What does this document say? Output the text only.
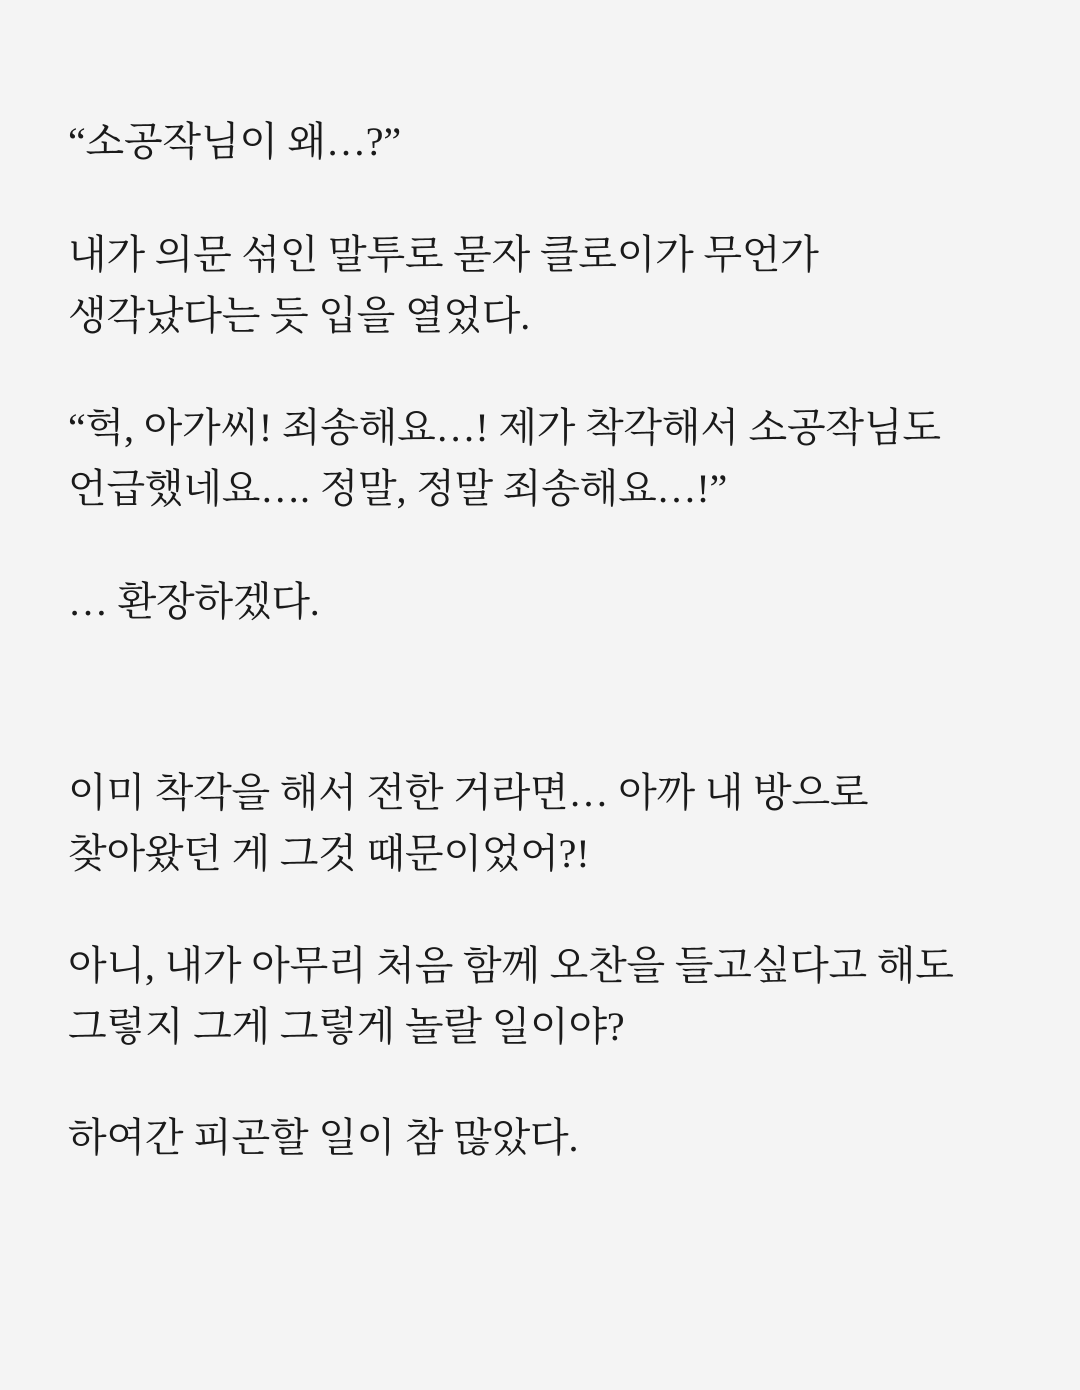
“소공작님이 왜…?”

내가 의문 섞인 말투로 묻자 클로이가 무언가 생각났다는 듯 입을 열었다.

“헉, 아가씨! 죄송해요…! 제가 착각해서 소공작님도 언급했네요…. 정말, 정말 죄송해요…!”

… 환장하겠다.

이미 착각을 해서 전한 거라면… 아까 내 방으로 찾아왔던 게 그것 때문이었어?!

아니, 내가 아무리 처음 함께 오찬을 들고싶다고 해도 그렇지 그게 그렇게 놀랄 일이야?

하여간 피곤할 일이 참 많았다.
